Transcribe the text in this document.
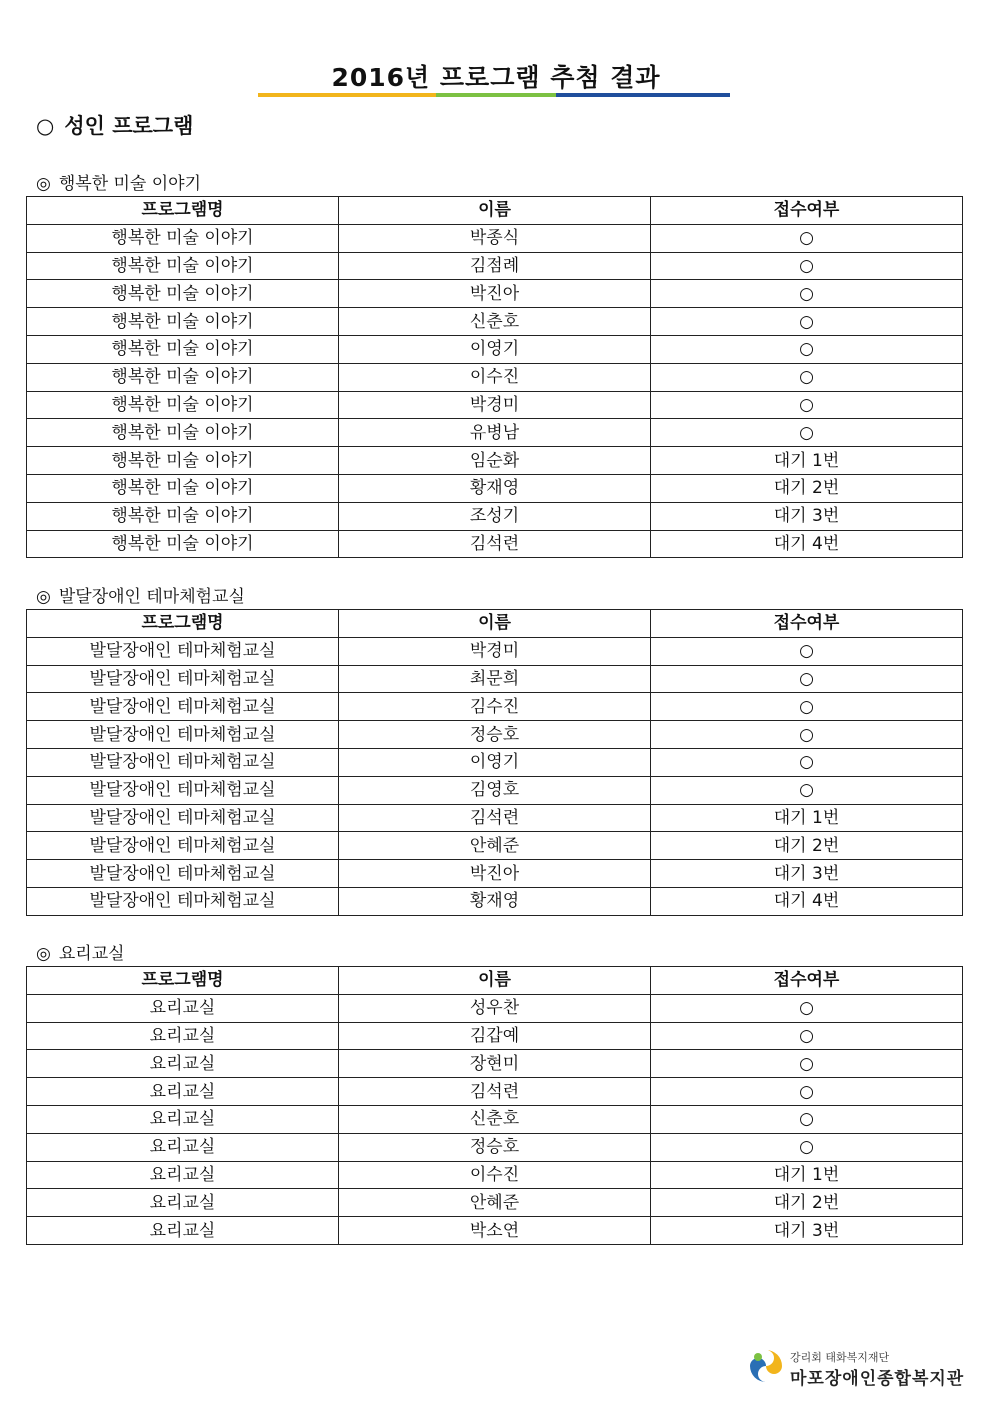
2016년 프로그램 추첨 결과
○ 성인 프로그램
◎ 행복한 미술 이야기
프로그램명	이름	접수여부
행복한 미술 이야기	박종식	○
행복한 미술 이야기	김점례	○
행복한 미술 이야기	박진아	○
행복한 미술 이야기	신춘호	○
행복한 미술 이야기	이영기	○
행복한 미술 이야기	이수진	○
행복한 미술 이야기	박경미	○
행복한 미술 이야기	유병남	○
행복한 미술 이야기	임순화	대기 1번
행복한 미술 이야기	황재영	대기 2번
행복한 미술 이야기	조성기	대기 3번
행복한 미술 이야기	김석련	대기 4번
◎ 발달장애인 테마체험교실
프로그램명	이름	접수여부
발달장애인 테마체험교실	박경미	○
발달장애인 테마체험교실	최문희	○
발달장애인 테마체험교실	김수진	○
발달장애인 테마체험교실	정승호	○
발달장애인 테마체험교실	이영기	○
발달장애인 테마체험교실	김영호	○
발달장애인 테마체험교실	김석련	대기 1번
발달장애인 테마체험교실	안혜준	대기 2번
발달장애인 테마체험교실	박진아	대기 3번
발달장애인 테마체험교실	황재영	대기 4번
◎ 요리교실
프로그램명	이름	접수여부
요리교실	성우찬	○
요리교실	김갑예	○
요리교실	장현미	○
요리교실	김석련	○
요리교실	신춘호	○
요리교실	정승호	○
요리교실	이수진	대기 1번
요리교실	안혜준	대기 2번
요리교실	박소연	대기 3번
강리회 태화복지재단
마포장애인종합복지관
